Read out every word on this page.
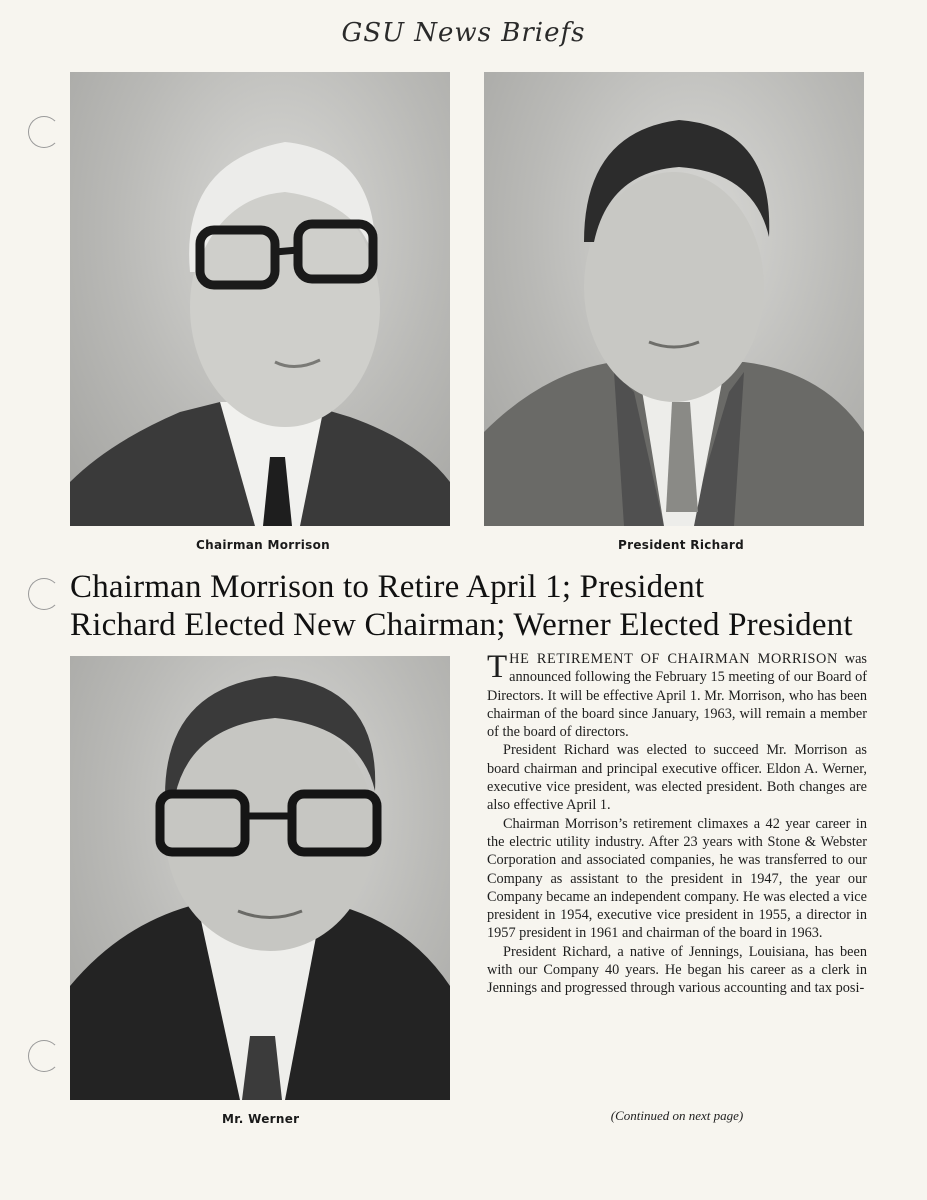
GSU News Briefs
Chairman Morrison	President Richard
Chairman Morrison to Retire April 1; President
Richard Elected New Chairman; Werner Elected President
Mr. Werner

THE RETIREMENT OF CHAIRMAN MORRISON was announced following the February 15 meeting of our Board of Directors. It will be effective April 1. Mr. Morrison, who has been chairman of the board since January, 1963, will remain a member of the board of directors.

President Richard was elected to succeed Mr. Morrison as board chairman and principal executive officer. Eldon A. Werner, executive vice president, was elected president. Both changes are also effective April 1.

Chairman Morrison’s retirement climaxes a 42 year career in the electric utility industry. After 23 years with Stone & Webster Corporation and associated companies, he was transferred to our Company as assistant to the president in 1947, the year our Company became an independent company. He was elected a vice president in 1954, executive vice president in 1955, a director in 1957 president in 1961 and chairman of the board in 1963.

President Richard, a native of Jennings, Louisiana, has been with our Company 40 years. He began his career as a clerk in Jennings and progressed through various accounting and tax posi-

(Continued on next page)
